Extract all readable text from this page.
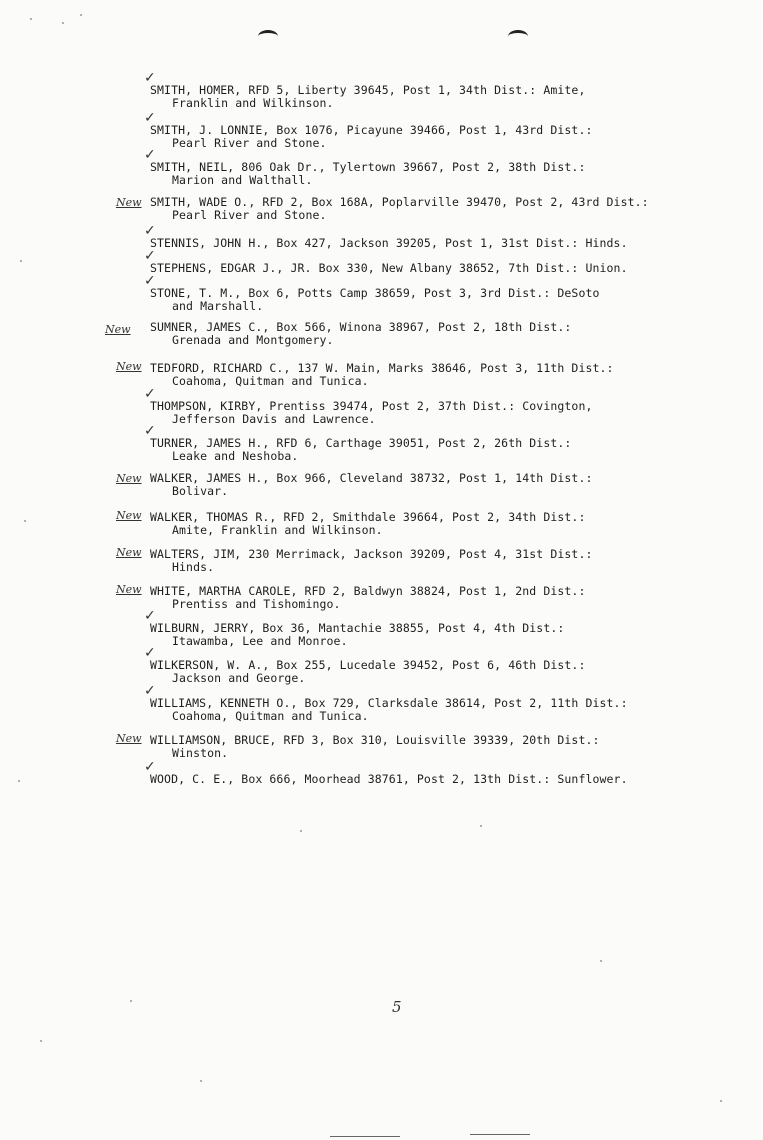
✓
SMITH, HOMER, RFD 5, Liberty 39645, Post 1, 34th Dist.: Amite,
Franklin and Wilkinson.
✓
SMITH, J. LONNIE, Box 1076, Picayune 39466, Post 1, 43rd Dist.:
Pearl River and Stone.
✓
SMITH, NEIL, 806 Oak Dr., Tylertown 39667, Post 2, 38th Dist.:
Marion and Walthall.
New SMITH, WADE O., RFD 2, Box 168A, Poplarville 39470, Post 2, 43rd Dist.:
Pearl River and Stone.
✓
STENNIS, JOHN H., Box 427, Jackson 39205, Post 1, 31st Dist.: Hinds.
✓
STEPHENS, EDGAR J., JR. Box 330, New Albany 38652, 7th Dist.: Union.
✓
STONE, T. M., Box 6, Potts Camp 38659, Post 3, 3rd Dist.: DeSoto
and Marshall.
New SUMNER, JAMES C., Box 566, Winona 38967, Post 2, 18th Dist.:
Grenada and Montgomery.
New TEDFORD, RICHARD C., 137 W. Main, Marks 38646, Post 3, 11th Dist.:
Coahoma, Quitman and Tunica.
✓
THOMPSON, KIRBY, Prentiss 39474, Post 2, 37th Dist.: Covington,
Jefferson Davis and Lawrence.
✓
TURNER, JAMES H., RFD 6, Carthage 39051, Post 2, 26th Dist.:
Leake and Neshoba.
New WALKER, JAMES H., Box 966, Cleveland 38732, Post 1, 14th Dist.:
Bolivar.
New WALKER, THOMAS R., RFD 2, Smithdale 39664, Post 2, 34th Dist.:
Amite, Franklin and Wilkinson.
New WALTERS, JIM, 230 Merrimack, Jackson 39209, Post 4, 31st Dist.:
Hinds.
New WHITE, MARTHA CAROLE, RFD 2, Baldwyn 38824, Post 1, 2nd Dist.:
Prentiss and Tishomingo.
✓
WILBURN, JERRY, Box 36, Mantachie 38855, Post 4, 4th Dist.:
Itawamba, Lee and Monroe.
✓
WILKERSON, W. A., Box 255, Lucedale 39452, Post 6, 46th Dist.:
Jackson and George.
✓
WILLIAMS, KENNETH O., Box 729, Clarksdale 38614, Post 2, 11th Dist.:
Coahoma, Quitman and Tunica.
New WILLIAMSON, BRUCE, RFD 3, Box 310, Louisville 39339, 20th Dist.:
Winston.
✓
WOOD, C. E., Box 666, Moorhead 38761, Post 2, 13th Dist.: Sunflower.
5
